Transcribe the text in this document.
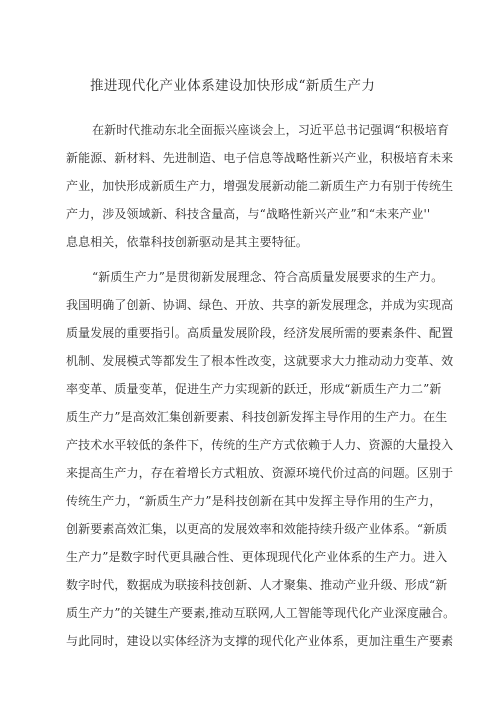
推进现代化产业体系建设加快形成“新质生产力
在新时代推动东北全面振兴座谈会上，习近平总书记强调“积极培育
新能源、新材料、先进制造、电子信息等战略性新兴产业，积极培育未来
产业，加快形成新质生产力，增强发展新动能二新质生产力有别于传统生
产力，涉及领域新、科技含量高，与“战略性新兴产业”和“未来产业''
息息相关，依靠科技创新驱动是其主要特征。
“新质生产力”是贯彻新发展理念、符合高质量发展要求的生产力。
我国明确了创新、协调、绿色、开放、共享的新发展理念，并成为实现高
质量发展的重要指引。高质量发展阶段，经济发展所需的要素条件、配置
机制、发展模式等都发生了根本性改变，这就要求大力推动动力变革、效
率变革、质量变革，促进生产力实现新的跃迁，形成“新质生产力二”新
质生产力”是高效汇集创新要素、科技创新发挥主导作用的生产力。在生
产技术水平较低的条件下，传统的生产方式依赖于人力、资源的大量投入
来提高生产力，存在着增长方式粗放、资源环境代价过高的问题。区别于
传统生产力，“新质生产力”是科技创新在其中发挥主导作用的生产力，
创新要素高效汇集，以更高的发展效率和效能持续升级产业体系。“新质
生产力”是数字时代更具融合性、更体现现代化产业体系的生产力。进入
数字时代，数据成为联接科技创新、人才聚集、推动产业升级、形成“新
质生产力”的关键生产要素,推动互联网,人工智能等现代化产业深度融合。
与此同时，建设以实体经济为支撑的现代化产业体系，更加注重生产要素
